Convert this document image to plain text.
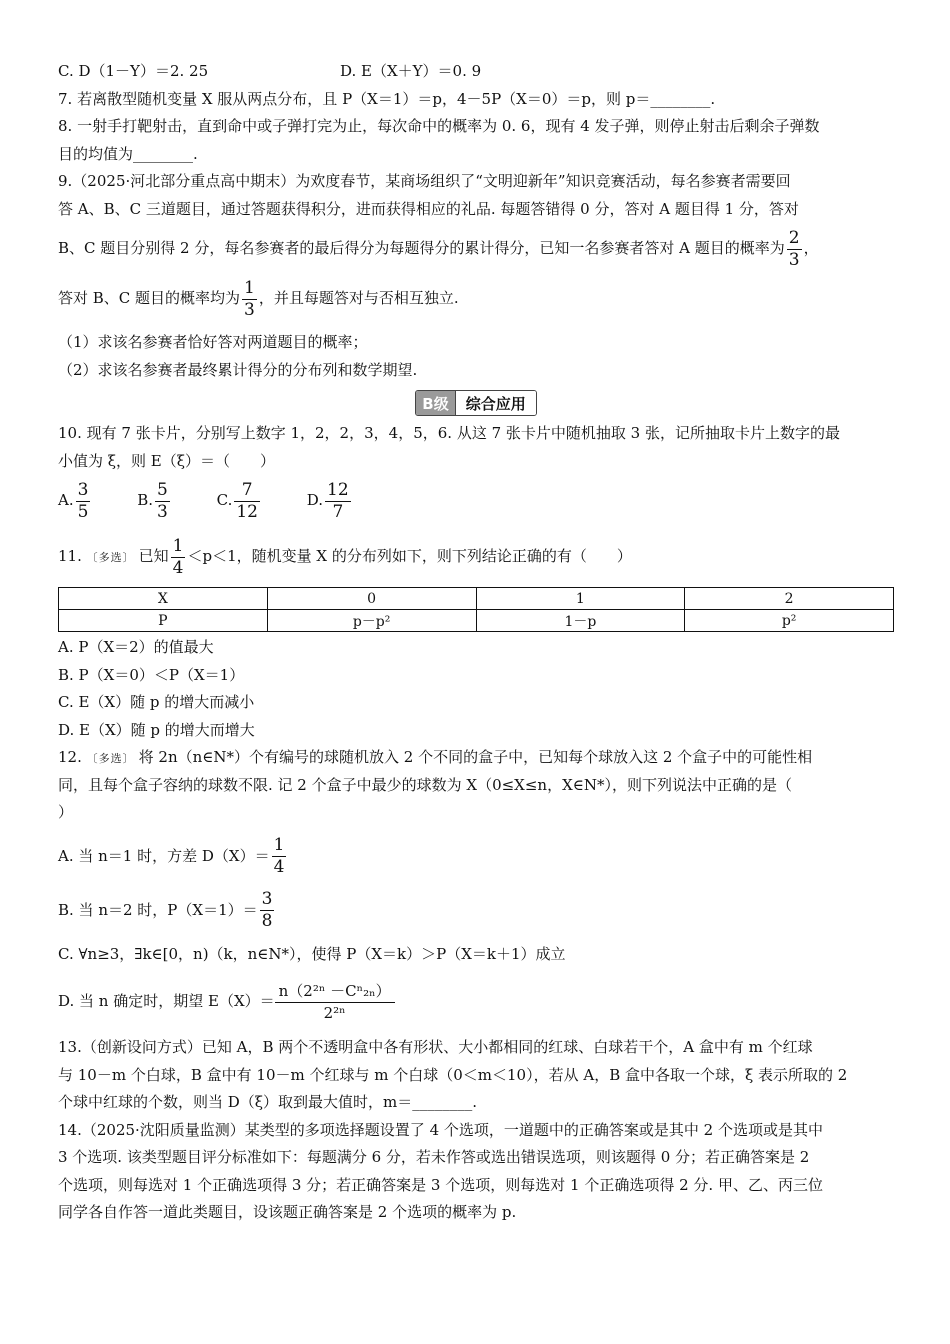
C. D（1－Y）＝2. 25	D. E（X＋Y）＝0. 9
7. 若离散型随机变量 X 服从两点分布，且 P（X＝1）＝p，4－5P（X＝0）＝p，则 p＝________.
8. 一射手打靶射击，直到命中或子弹打完为止，每次命中的概率为 0. 6，现有 4 发子弹，则停止射击后剩余子弹数
目的均值为________.
9.（2025·河北部分重点高中期末）为欢度春节，某商场组织了“文明迎新年”知识竞赛活动，每名参赛者需要回
答 A、B、C 三道题目，通过答题获得积分，进而获得相应的礼品. 每题答错得 0 分，答对 A 题目得 1 分，答对
B、C 题目分别得 2 分，每名参赛者的最后得分为每题得分的累计得分，已知一名参赛者答对 A 题目的概率为 $\frac{2}{3}$ ，
答对 B、C 题目的概率均为 $\frac{1}{3}$ ，并且每题答对与否相互独立.
（1）求该名参赛者恰好答对两道题目的概率；
（2）求该名参赛者最终累计得分的分布列和数学期望.
B级	综合应用
10. 现有 7 张卡片，分别写上数字 1，2，2，3，4，5，6. 从这 7 张卡片中随机抽取 3 张，记所抽取卡片上数字的最
小值为 ξ，则 E（ξ）＝（　　）
A. $\frac{3}{5}$	B. $\frac{5}{3}$	C. $\frac{7}{12}$	D. $\frac{12}{7}$
11. 〔多选〕 已知 $\frac{1}{4} <p<1$，随机变量 X 的分布列如下，则下列结论正确的有（　　）
X	0	1	2
P	p－p²	1－p	p²
A. P（X＝2）的值最大
B. P（X＝0）＜P（X＝1）
C. E（X）随 p 的增大而减小
D. E（X）随 p 的增大而增大
12. 〔多选〕 将 2n（n∈N*）个有编号的球随机放入 2 个不同的盒子中，已知每个球放入这 2 个盒子中的可能性相
同，且每个盒子容纳的球数不限. 记 2 个盒子中最少的球数为 X（0≤X≤n，X∈N*），则下列说法中正确的是（
）
A. 当 n＝1 时，方差 $D(X)= \frac{1}{4}$
B. 当 n＝2 时，$P(X=1)= \frac{3}{8}$
C. ∀n≥3，∃k∈[0，n)（k，n∈N*），使得 P（X＝k）＞P（X＝k＋1）成立
D. 当 n 确定时，期望 $E(X)= \frac{\text{n（2²ⁿ －Cⁿ₂ₙ）}}{\text{2²ⁿ}}$
13.（创新设问方式）已知 A，B 两个不透明盒中各有形状、大小都相同的红球、白球若干个，A 盒中有 m 个红球
与 10－m 个白球，B 盒中有 10－m 个红球与 m 个白球（0＜m＜10），若从 A，B 盒中各取一个球，ξ 表示所取的 2
个球中红球的个数，则当 D（ξ）取到最大值时，m＝________.
14.（2025·沈阳质量监测）某类型的多项选择题设置了 4 个选项，一道题中的正确答案或是其中 2 个选项或是其中
3 个选项. 该类型题目评分标准如下：每题满分 6 分，若未作答或选出错误选项，则该题得 0 分；若正确答案是 2
个选项，则每选对 1 个正确选项得 3 分；若正确答案是 3 个选项，则每选对 1 个正确选项得 2 分. 甲、乙、丙三位
同学各自作答一道此类题目，设该题正确答案是 2 个选项的概率为 p.
